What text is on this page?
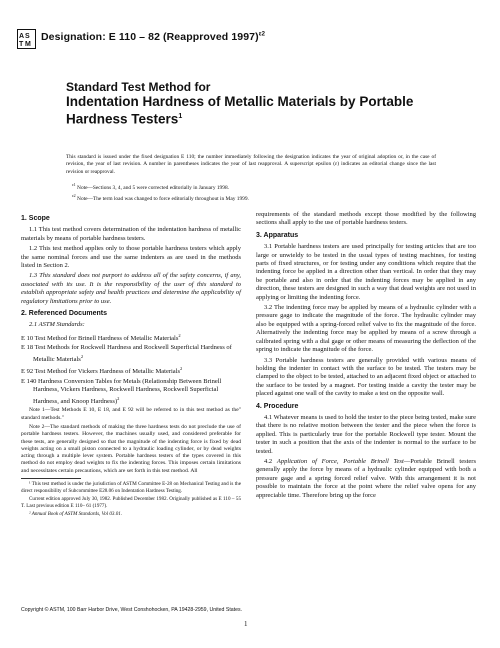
A S
T M
Designation: E 110 – 82 (Reapproved 1997)$^{\varepsilon 2}$

Standard Test Method for

Indentation Hardness of Metallic Materials by Portable

Hardness Testers$^1$

This standard is issued under the fixed designation E 110; the number immediately following the designation indicates the year of original adoption or, in the case of revision, the year of last revision. A number in parentheses indicates the year of last reapproval. A superscript epsilon (ε) indicates an editorial change since the last revision or reapproval.
$^{\varepsilon 1}$ Note—Sections 3, 4, and 5 were corrected editorially in January 1998.
$^{\varepsilon 2}$ Note—The term load was changed to force editorially throughout in May 1999.
1. Scope

1.1 This test method covers determination of the indentation hardness of metallic materials by means of portable hardness testers.

1.2 This test method applies only to those portable hardness testers which apply the same nominal forces and use the same indenters as are used in the methods listed in Section 2.

1.3 This standard does not purport to address all of the safety concerns, if any, associated with its use. It is the responsibility of the user of this standard to establish appropriate safety and health practices and determine the applicability of regulatory limitations prior to use.

2. Referenced Documents

2.1 ASTM Standards:

E 10 Test Method for Brinell Hardness of Metallic Materials$^2$

E 18 Test Methods for Rockwell Hardness and Rockwell Superficial Hardness of Metallic Materials$^2$

E 92 Test Method for Vickers Hardness of Metallic Materials$^2$

E 140 Hardness Conversion Tables for Metals (Relationship Between Brinell Hardness, Vickers Hardness, Rockwell Hardness, Rockwell Superficial Hardness, and Knoop Hardness)$^2$

Note 1—Test Methods E 10, E 18, and E 92 will be referred to in this test method as the" standard methods."

Note 2—The standard methods of making the three hardness tests do not preclude the use of portable hardness testers. However, the machines usually used, and considered preferable for these tests, are generally designed so that the magnitude of the indenting force is fixed by dead weights acting on a small piston connected to a hydraulic loading cylinder, or by dead weights acting through a multiple lever system. Portable hardness testers of the types covered in this method do not employ dead weights to fix the indenting forces. This imposes certain limitations and necessitates certain precautions, which are set forth in this test method. All

¹ This test method is under the jurisdiction of ASTM Committee E-28 on Mechanical Testing and is the direct responsibility of Subcommittee E28.06 on Indentation Hardness Testing.

Current edition approved July 30, 1982. Published December 1982. Originally published as E 110 – 55 T. Last previous edition E 110– 61 (1977).

² Annual Book of ASTM Standards, Vol 03.01.

requirements of the standard methods except those modified by the following sections shall apply to the use of portable hardness testers.

3. Apparatus

3.1 Portable hardness testers are used principally for testing articles that are too large or unwieldy to be tested in the usual types of testing machines, for testing parts of fixed structures, or for testing under any conditions which require that the indenting force be applied in a direction other than vertical. In order that they may be portable and also in order that the indenting forces may be applied in any direction, these testers are designed in such a way that dead weights are not used in applying or limiting the indenting force.

3.2 The indenting force may be applied by means of a hydraulic cylinder with a pressure gage to indicate the magnitude of the force. The hydraulic cylinder may also be equipped with a spring-forced relief valve to fix the magnitude of the force. Alternatively the indenting force may be applied by means of a screw through a calibrated spring with a dial gage or other means of measuring the deflection of the spring to indicate the magnitude of the force.

3.3 Portable hardness testers are generally provided with various means of holding the indenter in contact with the surface to be tested. The testers may be clamped to the object to be tested, attached to an adjacent fixed object or attached to the surface to be tested by a magnet. For testing inside a cavity the tester may be placed against one wall of the cavity to make a test on the opposite wall.

4. Procedure

4.1 Whatever means is used to hold the tester to the piece being tested, make sure that there is no relative motion between the tester and the piece when the force is applied. This is particularly true for the portable Rockwell type tester. Mount the tester in such a position that the axis of the indenter is normal to the surface to be tested.

4.2 Application of Force, Portable Brinell Test—Portable Brinell testers generally apply the force by means of a hydraulic cylinder equipped with both a pressure gage and a spring forced relief valve. With this arrangement it is not possible to maintain the force at the point where the relief valve opens for any appreciable time. Therefore bring up the force

Copyright © ASTM, 100 Barr Harbor Drive, West Conshohocken, PA 19428-2959, United States.
1
